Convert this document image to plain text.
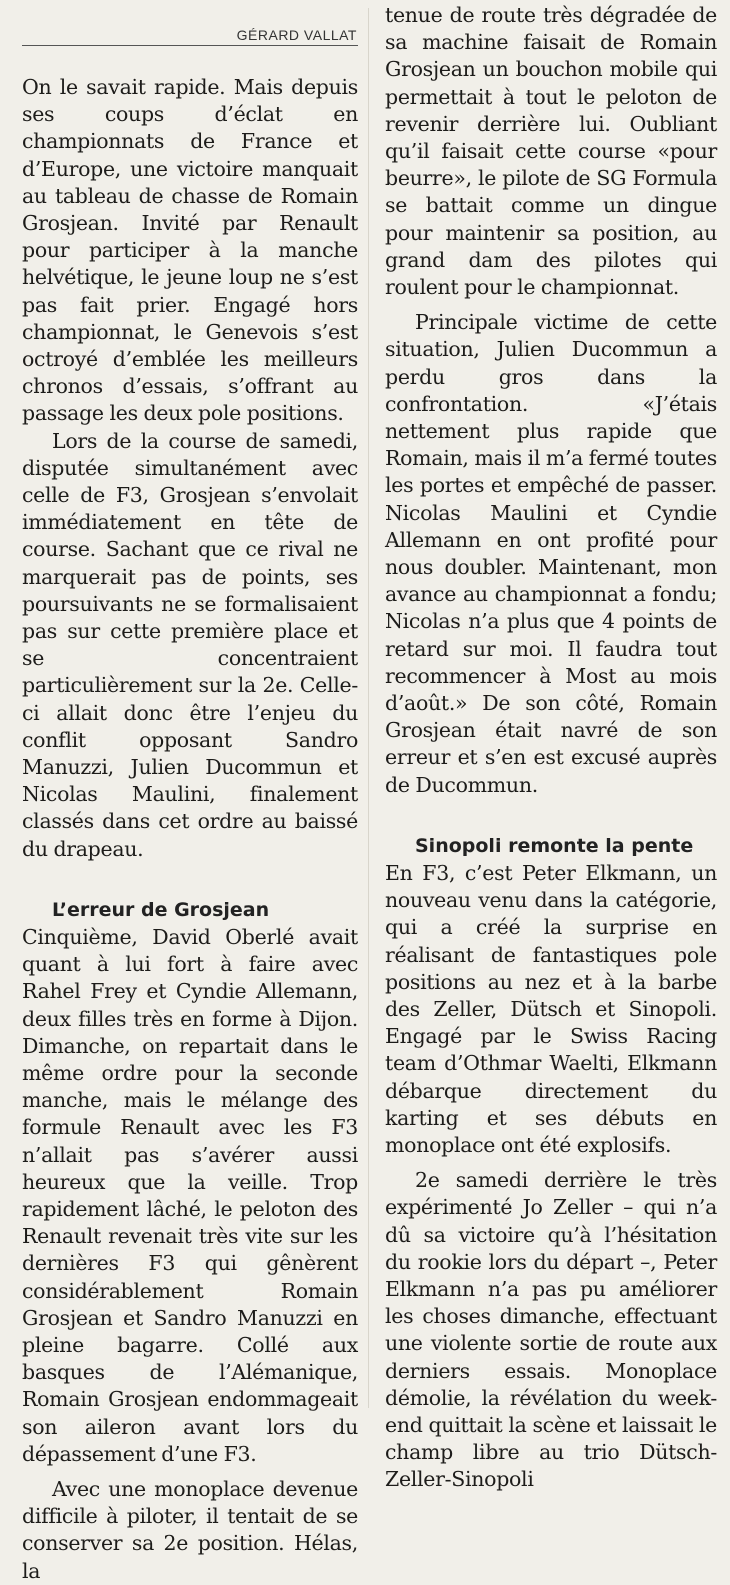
GÉRARD VALLAT

On le savait rapide. Mais depuis ses coups d’éclat en championnats de France et d’Europe, une victoire manquait au tableau de chasse de Romain Grosjean. Invité par Renault pour participer à la manche helvétique, le jeune loup ne s’est pas fait prier. Engagé hors championnat, le Genevois s’est octroyé d’emblée les meilleurs chronos d’essais, s’offrant au passage les deux pole positions.

Lors de la course de samedi, disputée simultanément avec celle de F3, Grosjean s’envolait immédiatement en tête de course. Sachant que ce rival ne marquerait pas de points, ses poursuivants ne se formalisaient pas sur cette première place et se concentraient particulièrement sur la 2e. Celle-ci allait donc être l’enjeu du conflit opposant Sandro Manuzzi, Julien Ducommun et Nicolas Maulini, finalement classés dans cet ordre au baissé du drapeau.

L’erreur de Grosjean

Cinquième, David Oberlé avait quant à lui fort à faire avec Rahel Frey et Cyndie Allemann, deux filles très en forme à Dijon. Dimanche, on repartait dans le même ordre pour la seconde manche, mais le mélange des formule Renault avec les F3 n’allait pas s’avérer aussi heureux que la veille. Trop rapidement lâché, le peloton des Renault revenait très vite sur les dernières F3 qui gênèrent considérablement Romain Grosjean et Sandro Manuzzi en pleine bagarre. Collé aux basques de l’Alémanique, Romain Grosjean endommageait son aileron avant lors du dépassement d’une F3.

Avec une monoplace devenue difficile à piloter, il tentait de se conserver sa 2e position. Hélas, la

tenue de route très dégradée de sa machine faisait de Romain Grosjean un bouchon mobile qui permettait à tout le peloton de revenir derrière lui. Oubliant qu’il faisait cette course «pour beurre», le pilote de SG Formula se battait comme un dingue pour maintenir sa position, au grand dam des pilotes qui roulent pour le championnat.

Principale victime de cette situation, Julien Ducommun a perdu gros dans la confrontation. «J’étais nettement plus rapide que Romain, mais il m’a fermé toutes les portes et empêché de passer. Nicolas Maulini et Cyndie Allemann en ont profité pour nous doubler. Maintenant, mon avance au championnat a fondu; Nicolas n’a plus que 4 points de retard sur moi. Il faudra tout recommencer à Most au mois d’août.» De son côté, Romain Grosjean était navré de son erreur et s’en est excusé auprès de Ducommun.

Sinopoli remonte la pente

En F3, c’est Peter Elkmann, un nouveau venu dans la catégorie, qui a créé la surprise en réalisant de fantastiques pole positions au nez et à la barbe des Zeller, Dütsch et Sinopoli. Engagé par le Swiss Racing team d’Othmar Waelti, Elkmann débarque directement du karting et ses débuts en monoplace ont été explosifs.

2e samedi derrière le très expérimenté Jo Zeller – qui n’a dû sa victoire qu’à l’hésitation du rookie lors du départ –, Peter Elkmann n’a pas pu améliorer les choses dimanche, effectuant une violente sortie de route aux derniers essais. Monoplace démolie, la révélation du week-end quittait la scène et laissait le champ libre au trio Dütsch-Zeller-Sinopoli
